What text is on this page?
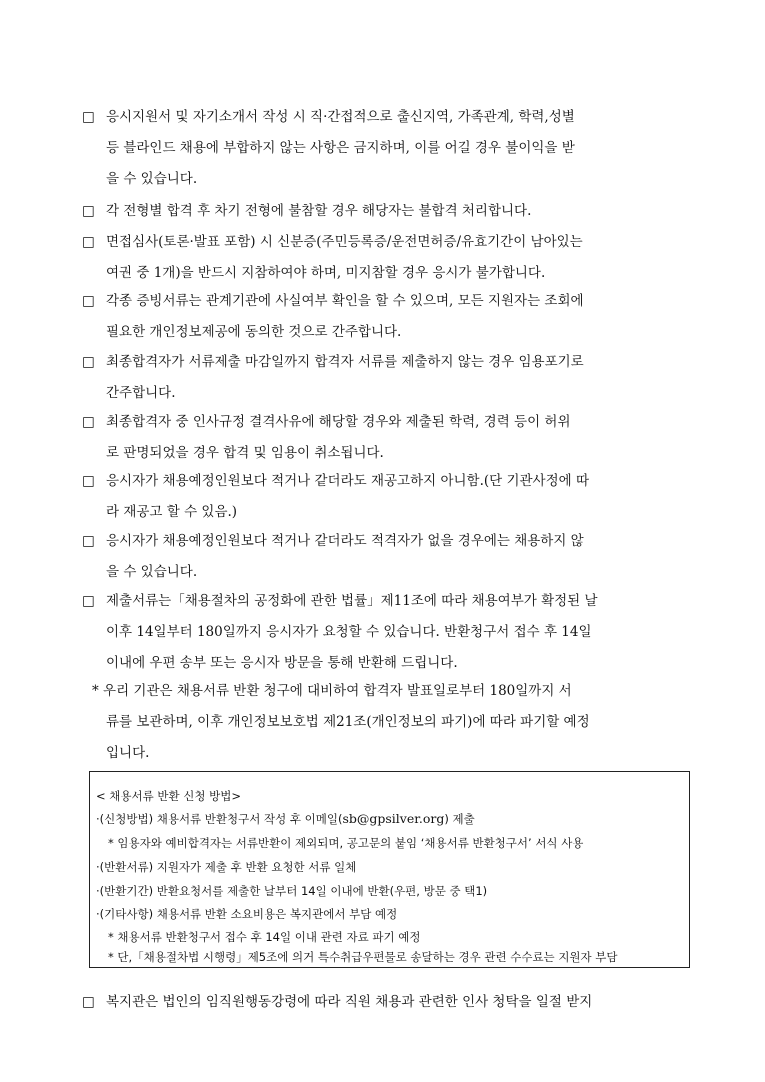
□ 응시지원서 및 자기소개서 작성 시 직·간접적으로 출신지역, 가족관계, 학력,성별
등 블라인드 채용에 부합하지 않는 사항은 금지하며, 이를 어길 경우 불이익을 받
을 수 있습니다.
□ 각 전형별 합격 후 차기 전형에 불참할 경우 해당자는 불합격 처리합니다.
□ 면접심사(토론·발표 포함) 시 신분증(주민등록증/운전면허증/유효기간이 남아있는
여권 중 1개)을 반드시 지참하여야 하며, 미지참할 경우 응시가 불가합니다.
□ 각종 증빙서류는 관계기관에 사실여부 확인을 할 수 있으며, 모든 지원자는 조회에
필요한 개인정보제공에 동의한 것으로 간주합니다.
□ 최종합격자가 서류제출 마감일까지 합격자 서류를 제출하지 않는 경우 임용포기로
간주합니다.
□ 최종합격자 중 인사규정 결격사유에 해당할 경우와 제출된 학력, 경력 등이 허위
로 판명되었을 경우 합격 및 임용이 취소됩니다.
□ 응시자가 채용예정인원보다 적거나 같더라도 재공고하지 아니함.(단 기관사정에 따
라 재공고 할 수 있음.)
□ 응시자가 채용예정인원보다 적거나 같더라도 적격자가 없을 경우에는 채용하지 않
을 수 있습니다.
□ 제출서류는「채용절차의 공정화에 관한 법률」제11조에 따라 채용여부가 확정된 날
이후 14일부터 180일까지 응시자가 요청할 수 있습니다. 반환청구서 접수 후 14일
이내에 우편 송부 또는 응시자 방문을 통해 반환해 드립니다.
* 우리 기관은 채용서류 반환 청구에 대비하여 합격자 발표일로부터 180일까지 서
류를 보관하며, 이후 개인정보보호법 제21조(개인정보의 파기)에 따라 파기할 예정
입니다.
< 채용서류 반환 신청 방법>
·(신청방법) 채용서류 반환청구서 작성 후 이메일(sb@gpsilver.org) 제출
* 임용자와 예비합격자는 서류반환이 제외되며, 공고문의 붙임 ‘채용서류 반환청구서’ 서식 사용
·(반환서류) 지원자가 제출 후 반환 요청한 서류 일체
·(반환기간) 반환요청서를 제출한 날부터 14일 이내에 반환(우편, 방문 중 택1)
·(기타사항) 채용서류 반환 소요비용은 복지관에서 부담 예정
* 채용서류 반환청구서 접수 후 14일 이내 관련 자료 파기 예정
* 단,「채용절차법 시행령」제5조에 의거 특수취급우편물로 송달하는 경우 관련 수수료는 지원자 부담
□ 복지관은 법인의 임직원행동강령에 따라 직원 채용과 관련한 인사 청탁을 일절 받지
